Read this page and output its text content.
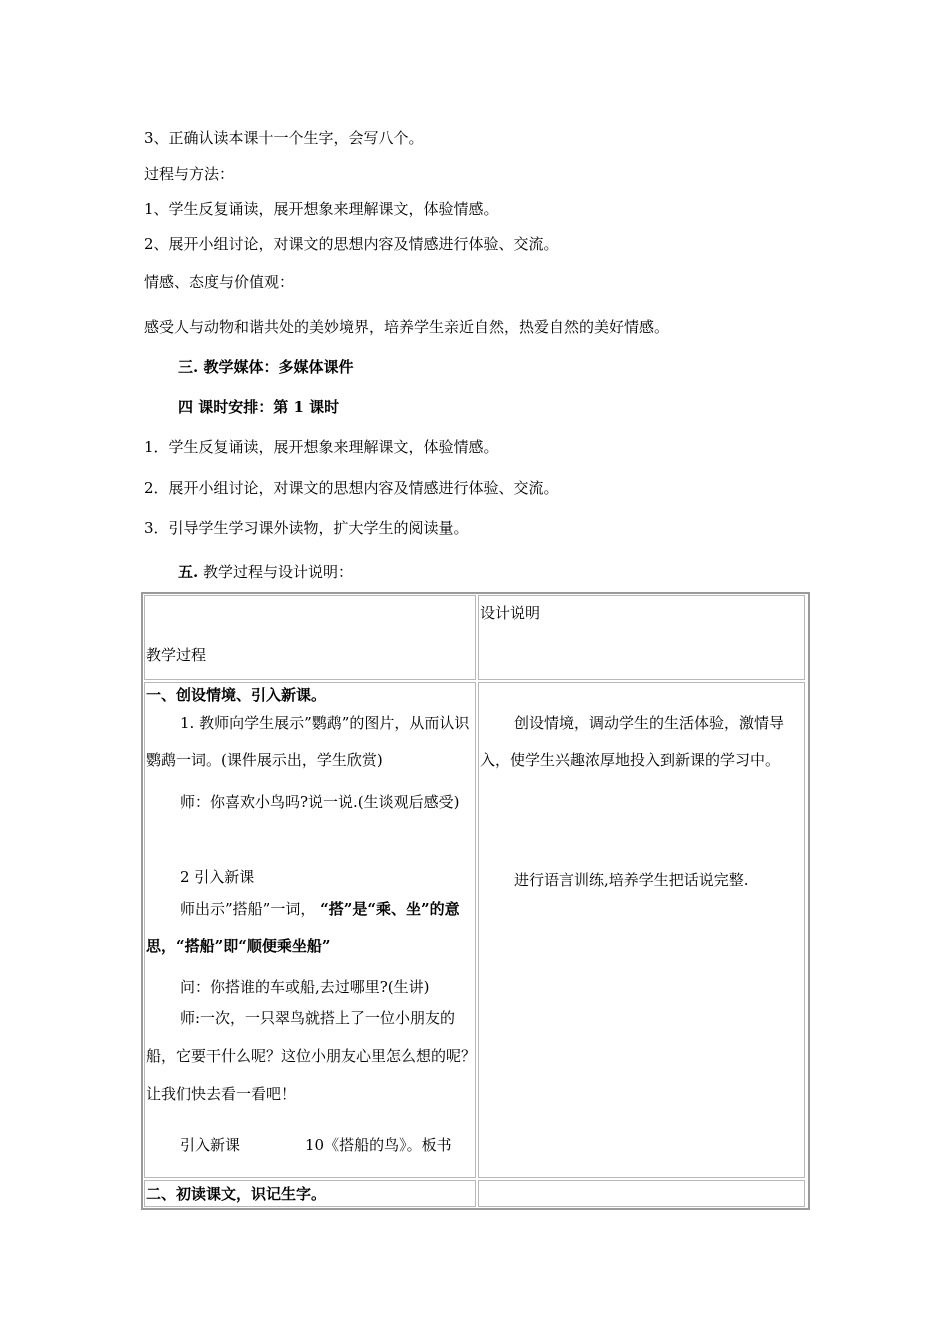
3、正确认读本课十一个生字，会写八个。
过程与方法：
1、学生反复诵读，展开想象来理解课文，体验情感。
2、展开小组讨论，对课文的思想内容及情感进行体验、交流。
情感、态度与价值观：
感受人与动物和谐共处的美妙境界，培养学生亲近自然，热爱自然的美好情感。
三. 教学媒体：多媒体课件
四 课时安排：第 1 课时
1．学生反复诵读，展开想象来理解课文，体验情感。
2．展开小组讨论，对课文的思想内容及情感进行体验、交流。
3．引导学生学习课外读物，扩大学生的阅读量。
五. 教学过程与设计说明：
教学过程
设计说明
一、创设情境、引入新课。
1. 教师向学生展示”鹦鹉”的图片，从而认识鹦鹉一词。(课件展示出，学生欣赏)
师：你喜欢小鸟吗?说一说.(生谈观后感受)
2 引入新课
师出示”搭船”一词， “搭”是“乘、坐”的意思，“搭船”即“顺便乘坐船”
问：你搭谁的车或船,去过哪里?(生讲)
师:一次，一只翠鸟就搭上了一位小朋友的船，它要干什么呢？这位小朋友心里怎么想的呢？让我们快去看一看吧！
引入新课	10《搭船的鸟》。板书
创设情境，调动学生的生活体验，激情导入，使学生兴趣浓厚地投入到新课的学习中。
进行语言训练,培养学生把话说完整.
二、初读课文，识记生字。
